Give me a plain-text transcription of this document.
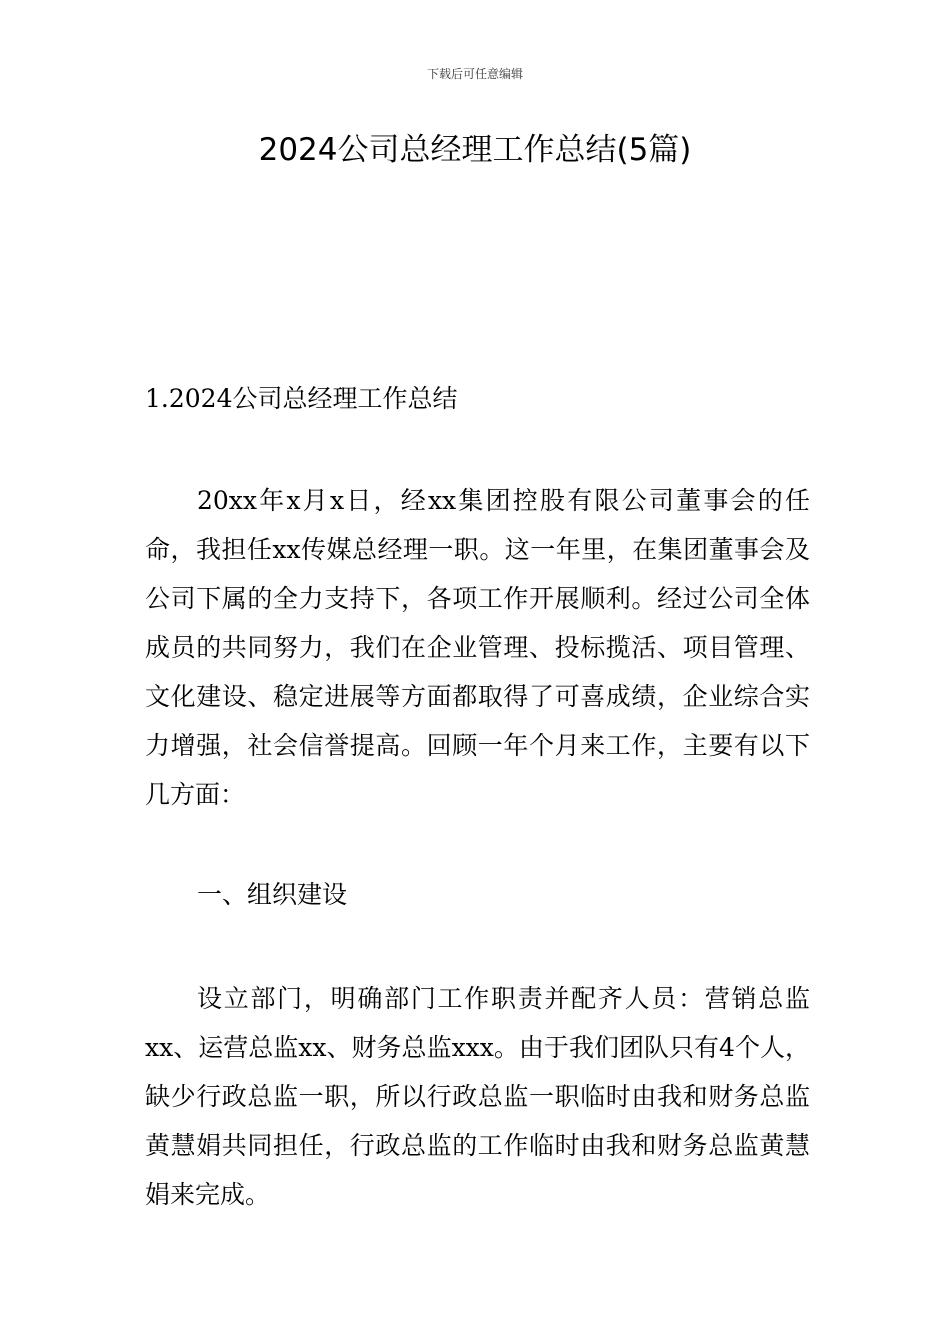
下载后可任意编辑
2024公司总经理工作总结(5篇)
1.2024公司总经理工作总结

20xx年x月x日，经xx集团控股有限公司董事会的任命，我担任xx传媒总经理一职。这一年里，在集团董事会及公司下属的全力支持下，各项工作开展顺利。经过公司全体成员的共同努力，我们在企业管理、投标揽活、项目管理、文化建设、稳定进展等方面都取得了可喜成绩，企业综合实力增强，社会信誉提高。回顾一年个月来工作，主要有以下几方面：

一、组织建设

设立部门，明确部门工作职责并配齐人员：营销总监xx、运营总监xx、财务总监xxx。由于我们团队只有4个人，缺少行政总监一职，所以行政总监一职临时由我和财务总监黄慧娟共同担任，行政总监的工作临时由我和财务总监黄慧娟来完成。
